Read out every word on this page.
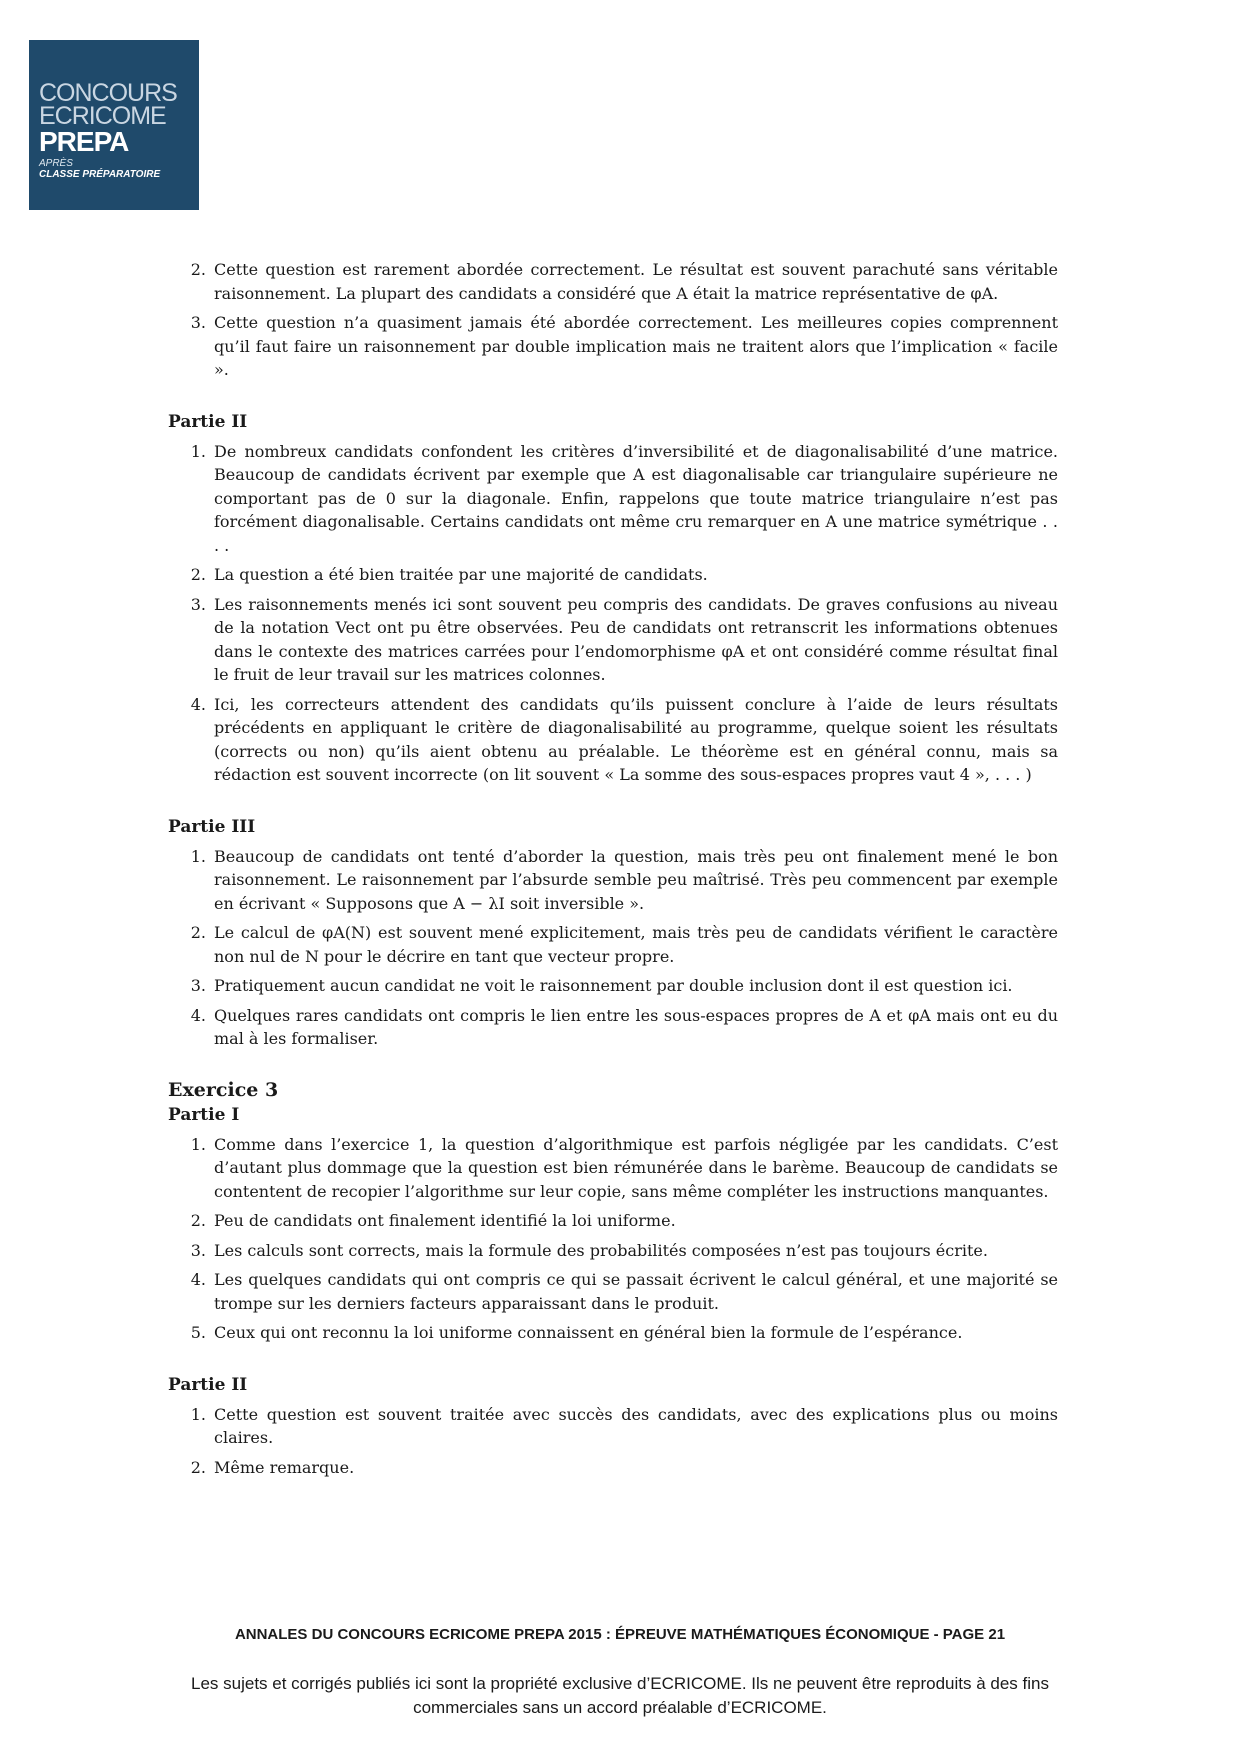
CONCOURS
ECRICOME
PREPA
APRÈS
CLASSE PRÉPARATOIRE
2. Cette question est rarement abordée correctement. Le résultat est souvent parachuté sans véritable raisonnement. La plupart des candidats a considéré que A était la matrice représentative de φA.
3. Cette question n’a quasiment jamais été abordée correctement. Les meilleures copies comprennent qu’il faut faire un raisonnement par double implication mais ne traitent alors que l’implication « facile ».
Partie II
1. De nombreux candidats confondent les critères d’inversibilité et de diagonalisabilité d’une matrice. Beaucoup de candidats écrivent par exemple que A est diagonalisable car triangulaire supérieure ne comportant pas de 0 sur la diagonale. Enfin, rappelons que toute matrice triangulaire n’est pas forcément diagonalisable. Certains candidats ont même cru remarquer en A une matrice symétrique . . . .
2. La question a été bien traitée par une majorité de candidats.
3. Les raisonnements menés ici sont souvent peu compris des candidats. De graves confusions au niveau de la notation Vect ont pu être observées. Peu de candidats ont retranscrit les informations obtenues dans le contexte des matrices carrées pour l’endomorphisme φA et ont considéré comme résultat final le fruit de leur travail sur les matrices colonnes.
4. Ici, les correcteurs attendent des candidats qu’ils puissent conclure à l’aide de leurs résultats précédents en appliquant le critère de diagonalisabilité au programme, quelque soient les résultats (corrects ou non) qu’ils aient obtenu au préalable. Le théorème est en général connu, mais sa rédaction est souvent incorrecte (on lit souvent « La somme des sous-espaces propres vaut 4 », . . . )
Partie III
1. Beaucoup de candidats ont tenté d’aborder la question, mais très peu ont finalement mené le bon raisonnement. Le raisonnement par l’absurde semble peu maîtrisé. Très peu commencent par exemple en écrivant « Supposons que A − λI soit inversible ».
2. Le calcul de φA(N) est souvent mené explicitement, mais très peu de candidats vérifient le caractère non nul de N pour le décrire en tant que vecteur propre.
3. Pratiquement aucun candidat ne voit le raisonnement par double inclusion dont il est question ici.
4. Quelques rares candidats ont compris le lien entre les sous-espaces propres de A et φA mais ont eu du mal à les formaliser.
Exercice 3
Partie I
1. Comme dans l’exercice 1, la question d’algorithmique est parfois négligée par les candidats. C’est d’autant plus dommage que la question est bien rémunérée dans le barème. Beaucoup de candidats se contentent de recopier l’algorithme sur leur copie, sans même compléter les instructions manquantes.
2. Peu de candidats ont finalement identifié la loi uniforme.
3. Les calculs sont corrects, mais la formule des probabilités composées n’est pas toujours écrite.
4. Les quelques candidats qui ont compris ce qui se passait écrivent le calcul général, et une majorité se trompe sur les derniers facteurs apparaissant dans le produit.
5. Ceux qui ont reconnu la loi uniforme connaissent en général bien la formule de l’espérance.
Partie II
1. Cette question est souvent traitée avec succès des candidats, avec des explications plus ou moins claires.
2. Même remarque.
ANNALES DU CONCOURS ECRICOME PREPA 2015 : ÉPREUVE MATHÉMATIQUES ÉCONOMIQUE - PAGE 21
Les sujets et corrigés publiés ici sont la propriété exclusive d’ECRICOME. Ils ne peuvent être reproduits à des fins commerciales sans un accord préalable d’ECRICOME.
